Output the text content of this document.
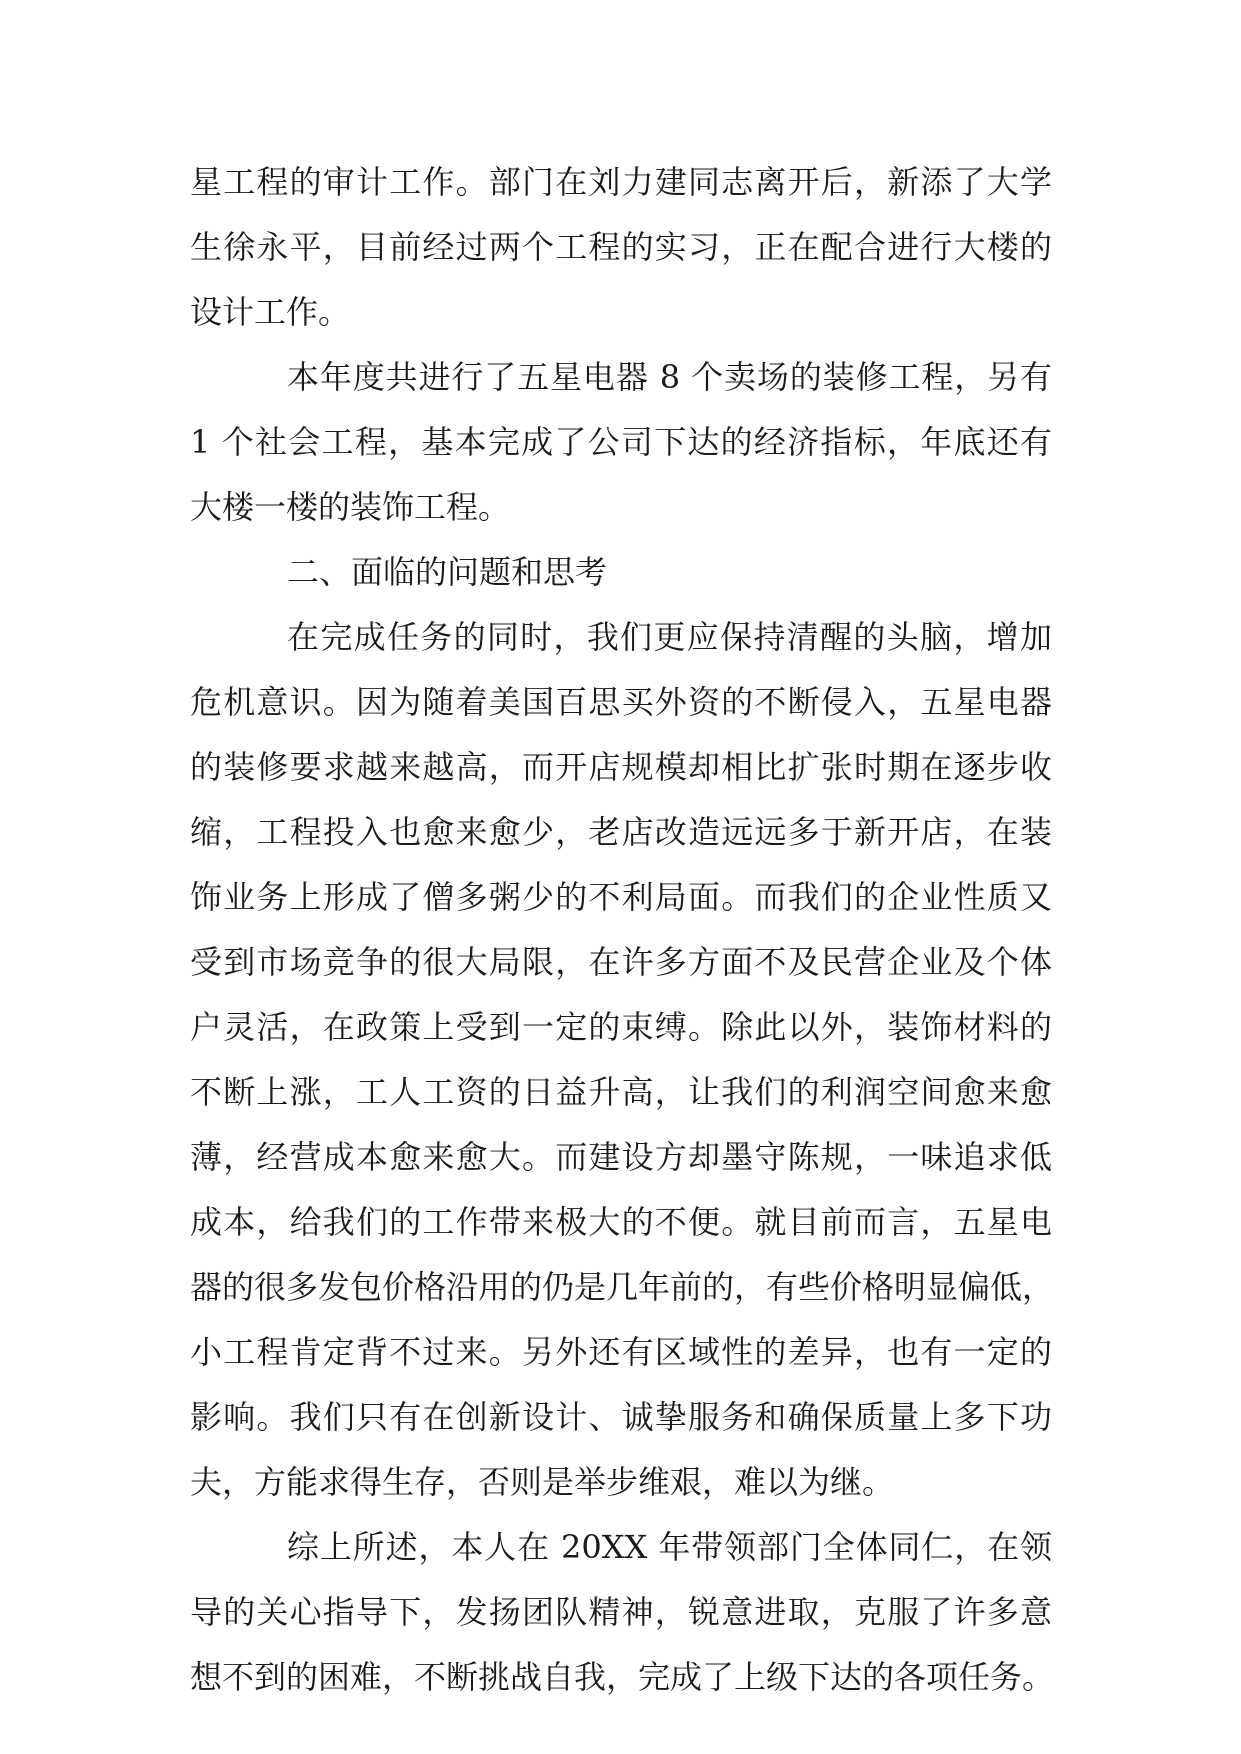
星工程的审计工作。部门在刘力建同志离开后，新添了大学
生徐永平，目前经过两个工程的实习，正在配合进行大楼的
设计工作。
本年度共进行了五星电器 8 个卖场的装修工程，另有
1 个社会工程，基本完成了公司下达的经济指标，年底还有
大楼一楼的装饰工程。
二、面临的问题和思考
在完成任务的同时，我们更应保持清醒的头脑，增加
危机意识。因为随着美国百思买外资的不断侵入，五星电器
的装修要求越来越高，而开店规模却相比扩张时期在逐步收
缩，工程投入也愈来愈少，老店改造远远多于新开店，在装
饰业务上形成了僧多粥少的不利局面。而我们的企业性质又
受到市场竞争的很大局限，在许多方面不及民营企业及个体
户灵活，在政策上受到一定的束缚。除此以外，装饰材料的
不断上涨，工人工资的日益升高，让我们的利润空间愈来愈
薄，经营成本愈来愈大。而建设方却墨守陈规，一味追求低
成本，给我们的工作带来极大的不便。就目前而言，五星电
器的很多发包价格沿用的仍是几年前的，有些价格明显偏低，
小工程肯定背不过来。另外还有区域性的差异，也有一定的
影响。我们只有在创新设计、诚挚服务和确保质量上多下功
夫，方能求得生存，否则是举步维艰，难以为继。
综上所述，本人在 20XX 年带领部门全体同仁，在领
导的关心指导下，发扬团队精神，锐意进取，克服了许多意
想不到的困难，不断挑战自我，完成了上级下达的各项任务。
